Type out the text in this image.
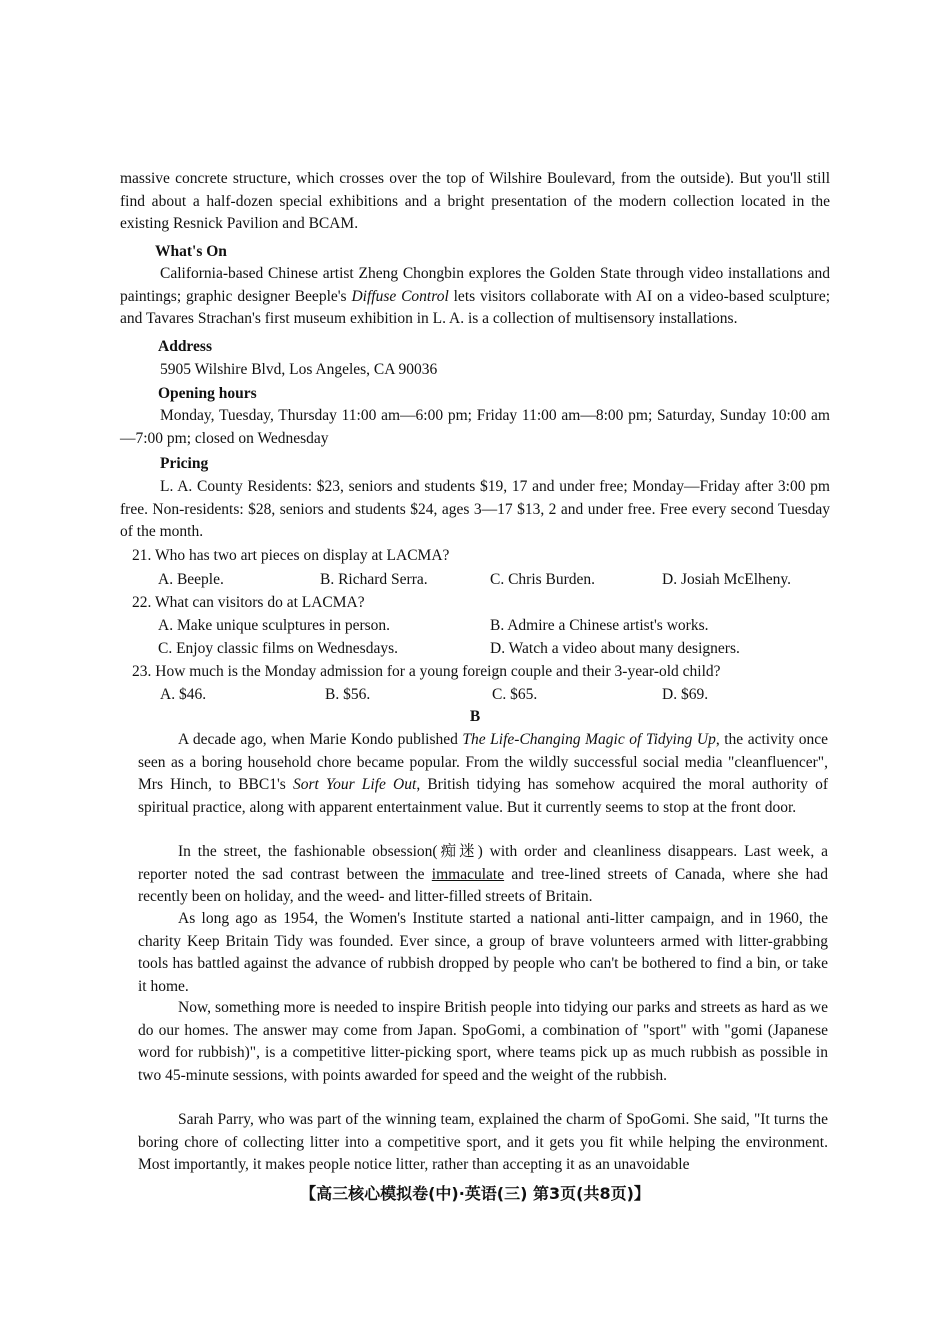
massive concrete structure, which crosses over the top of Wilshire Boulevard, from the outside). But you'll still find about a half-dozen special exhibitions and a bright presentation of the modern collection located in the existing Resnick Pavilion and BCAM.
What's On
California-based Chinese artist Zheng Chongbin explores the Golden State through video installations and paintings; graphic designer Beeple's Diffuse Control lets visitors collaborate with AI on a video-based sculpture; and Tavares Strachan's first museum exhibition in L. A. is a collection of multisensory installations.
Address
5905 Wilshire Blvd, Los Angeles, CA 90036
Opening hours
Monday, Tuesday, Thursday 11:00 am—6:00 pm; Friday 11:00 am—8:00 pm; Saturday, Sunday 10:00 am—7:00 pm; closed on Wednesday
Pricing
L. A. County Residents: $23, seniors and students $19, 17 and under free; Monday—Friday after 3:00 pm free. Non-residents: $28, seniors and students $24, ages 3—17 $13, 2 and under free. Free every second Tuesday of the month.
21. Who has two art pieces on display at LACMA?
A. Beeple.	B. Richard Serra.	C. Chris Burden.	D. Josiah McElheny.
22. What can visitors do at LACMA?
A. Make unique sculptures in person.	B. Admire a Chinese artist's works.
C. Enjoy classic films on Wednesdays.	D. Watch a video about many designers.
23. How much is the Monday admission for a young foreign couple and their 3-year-old child?
A. $46.	B. $56.	C. $65.	D. $69.
B
A decade ago, when Marie Kondo published The Life-Changing Magic of Tidying Up, the activity once seen as a boring household chore became popular. From the wildly successful social media "cleanfluencer", Mrs Hinch, to BBC1's Sort Your Life Out, British tidying has somehow acquired the moral authority of spiritual practice, along with apparent entertainment value. But it currently seems to stop at the front door.
In the street, the fashionable obsession(痴迷) with order and cleanliness disappears. Last week, a reporter noted the sad contrast between the immaculate and tree-lined streets of Canada, where she had recently been on holiday, and the weed- and litter-filled streets of Britain.
As long ago as 1954, the Women's Institute started a national anti-litter campaign, and in 1960, the charity Keep Britain Tidy was founded. Ever since, a group of brave volunteers armed with litter-grabbing tools has battled against the advance of rubbish dropped by people who can't be bothered to find a bin, or take it home.
Now, something more is needed to inspire British people into tidying our parks and streets as hard as we do our homes. The answer may come from Japan. SpoGomi, a combination of "sport" with "gomi (Japanese word for rubbish)", is a competitive litter-picking sport, where teams pick up as much rubbish as possible in two 45-minute sessions, with points awarded for speed and the weight of the rubbish.
Sarah Parry, who was part of the winning team, explained the charm of SpoGomi. She said, "It turns the boring chore of collecting litter into a competitive sport, and it gets you fit while helping the environment. Most importantly, it makes people notice litter, rather than accepting it as an unavoidable
【高三核心模拟卷(中)·英语(三) 第3页(共8页)】
